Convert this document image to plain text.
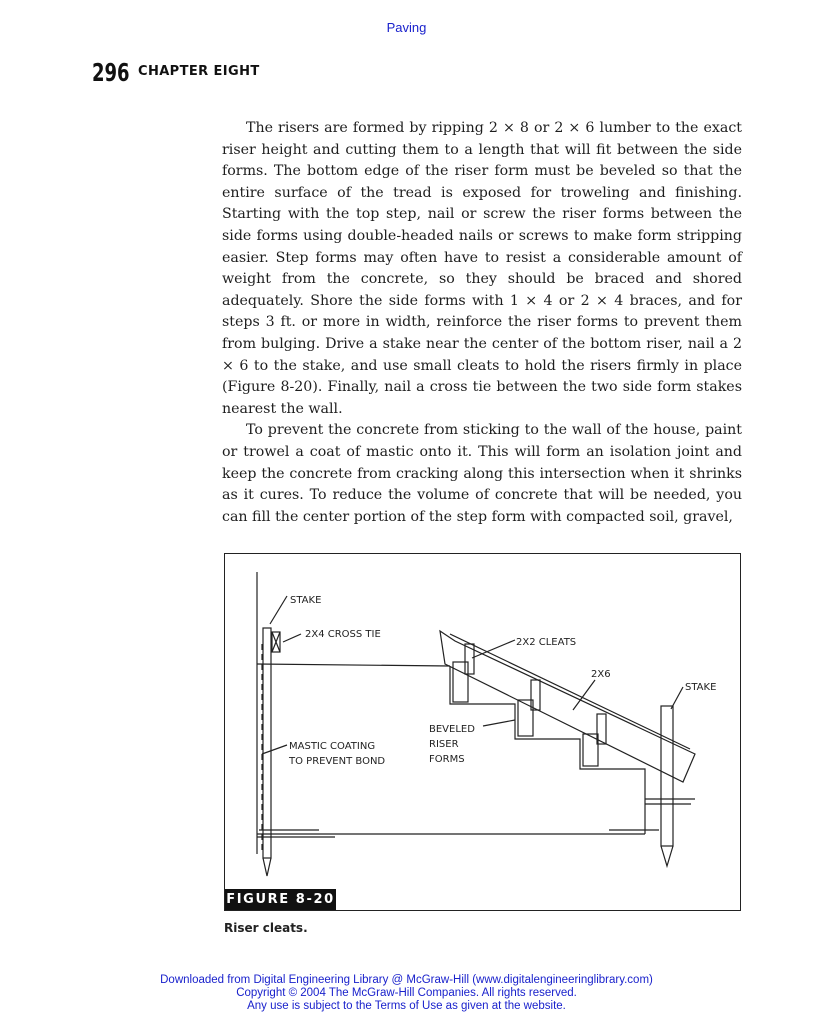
Paving
296 CHAPTER EIGHT

The risers are formed by ripping 2 × 8 or 2 × 6 lumber to the exact riser height and cutting them to a length that will fit between the side forms. The bottom edge of the riser form must be beveled so that the entire surface of the tread is exposed for troweling and finishing. Starting with the top step, nail or screw the riser forms between the side forms using double-headed nails or screws to make form stripping easier. Step forms may often have to resist a considerable amount of weight from the concrete, so they should be braced and shored adequately. Shore the side forms with 1 × 4 or 2 × 4 braces, and for steps 3 ft. or more in width, reinforce the riser forms to prevent them from bulging. Drive a stake near the center of the bottom riser, nail a 2 × 6 to the stake, and use small cleats to hold the risers firmly in place (Figure 8-20). Finally, nail a cross tie between the two side form stakes nearest the wall.

To prevent the concrete from sticking to the wall of the house, paint or trowel a coat of mastic onto it. This will form an isolation joint and keep the concrete from cracking along this intersection when it shrinks as it cures. To reduce the volume of concrete that will be needed, you can fill the center portion of the step form with compacted soil, gravel,

STAKE
2X4 CROSS TIE
2X2 CLEATS
2X6
STAKE
BEVELED
RISER
FORMS
MASTIC COATING
TO PREVENT BOND
FIGURE 8-20
Riser cleats.
Downloaded from Digital Engineering Library @ McGraw-Hill (www.digitalengineeringlibrary.com)
Copyright © 2004 The McGraw-Hill Companies. All rights reserved.
Any use is subject to the Terms of Use as given at the website.
